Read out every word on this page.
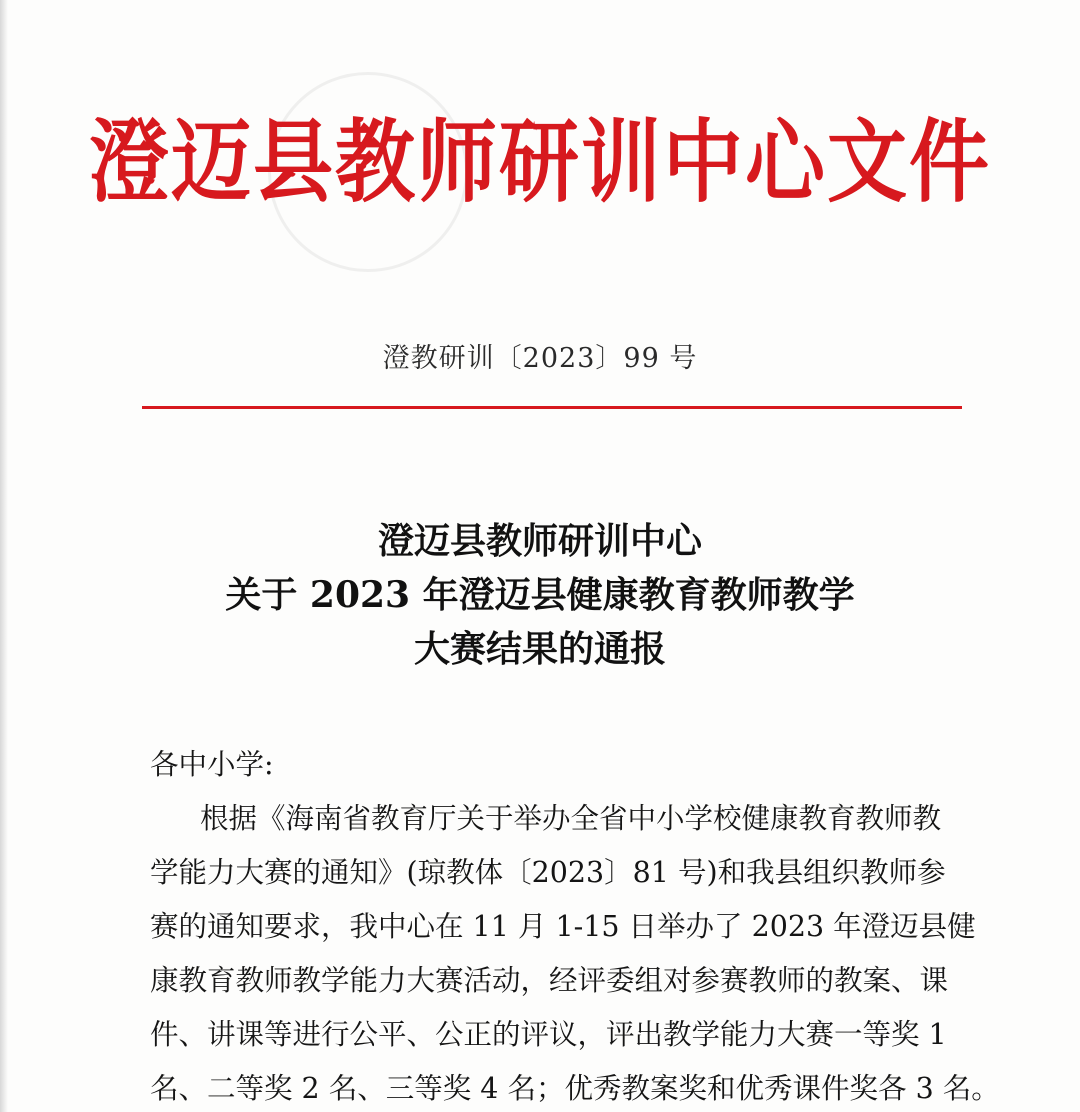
澄迈县教师研训中心文件
澄教研训〔2023〕99 号
澄迈县教师研训中心
关于 2023 年澄迈县健康教育教师教学
大赛结果的通报
各中小学:
根据《海南省教育厅关于举办全省中小学校健康教育教师教
学能力大赛的通知》(琼教体〔2023〕81 号)和我县组织教师参
赛的通知要求，我中心在 11 月 1-15 日举办了 2023 年澄迈县健
康教育教师教学能力大赛活动，经评委组对参赛教师的教案、课
件、讲课等进行公平、公正的评议，评出教学能力大赛一等奖 1
名、二等奖 2 名、三等奖 4 名；优秀教案奖和优秀课件奖各 3 名。
